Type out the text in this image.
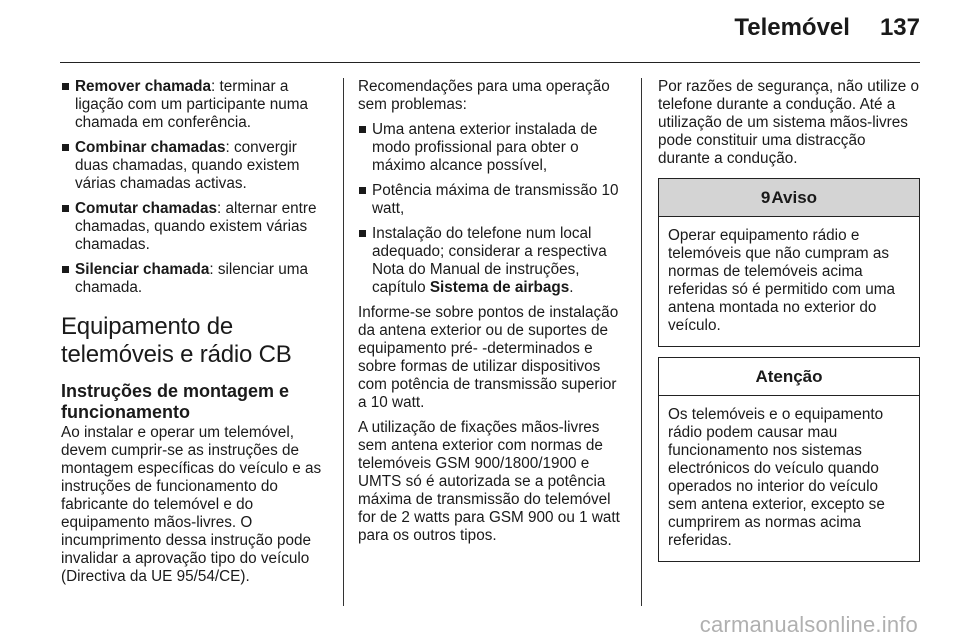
Telemóvel 137
Remover chamada: terminar a ligação com um participante numa chamada em conferência.
Combinar chamadas: convergir duas chamadas, quando existem várias chamadas activas.
Comutar chamadas: alternar entre chamadas, quando existem várias chamadas.
Silenciar chamada: silenciar uma chamada.
Equipamento de telemóveis e rádio CB
Instruções de montagem e funcionamento

Ao instalar e operar um telemóvel, devem cumprir-se as instruções de montagem específicas do veículo e as instruções de funcionamento do fabricante do telemóvel e do equipamento mãos-livres. O incumprimento dessa instrução pode invalidar a aprovação tipo do veículo (Directiva da UE 95/54/CE).

Recomendações para uma operação sem problemas:

Uma antena exterior instalada de modo profissional para obter o máximo alcance possível,
Potência máxima de transmissão 10 watt,
Instalação do telefone num local adequado; considerar a respectiva Nota do Manual de instruções, capítulo Sistema de airbags.

Informe-se sobre pontos de instalação da antena exterior ou de suportes de equipamento pré- -determinados e sobre formas de utilizar dispositivos com potência de transmissão superior a 10 watt.

A utilização de fixações mãos-livres sem antena exterior com normas de telemóveis GSM 900/1800/1900 e UMTS só é autorizada se a potência máxima de transmissão do telemóvel for de 2 watts para GSM 900 ou 1 watt para os outros tipos.

Por razões de segurança, não utilize o telefone durante a condução. Até a utilização de um sistema mãos-livres pode constituir uma distracção durante a condução.

9Aviso
Operar equipamento rádio e telemóveis que não cumpram as normas de telemóveis acima referidas só é permitido com uma antena montada no exterior do veículo.
Atenção
Os telemóveis e o equipamento rádio podem causar mau funcionamento nos sistemas electrónicos do veículo quando operados no interior do veículo sem antena exterior, excepto se cumprirem as normas acima referidas.
carmanualsonline.info
